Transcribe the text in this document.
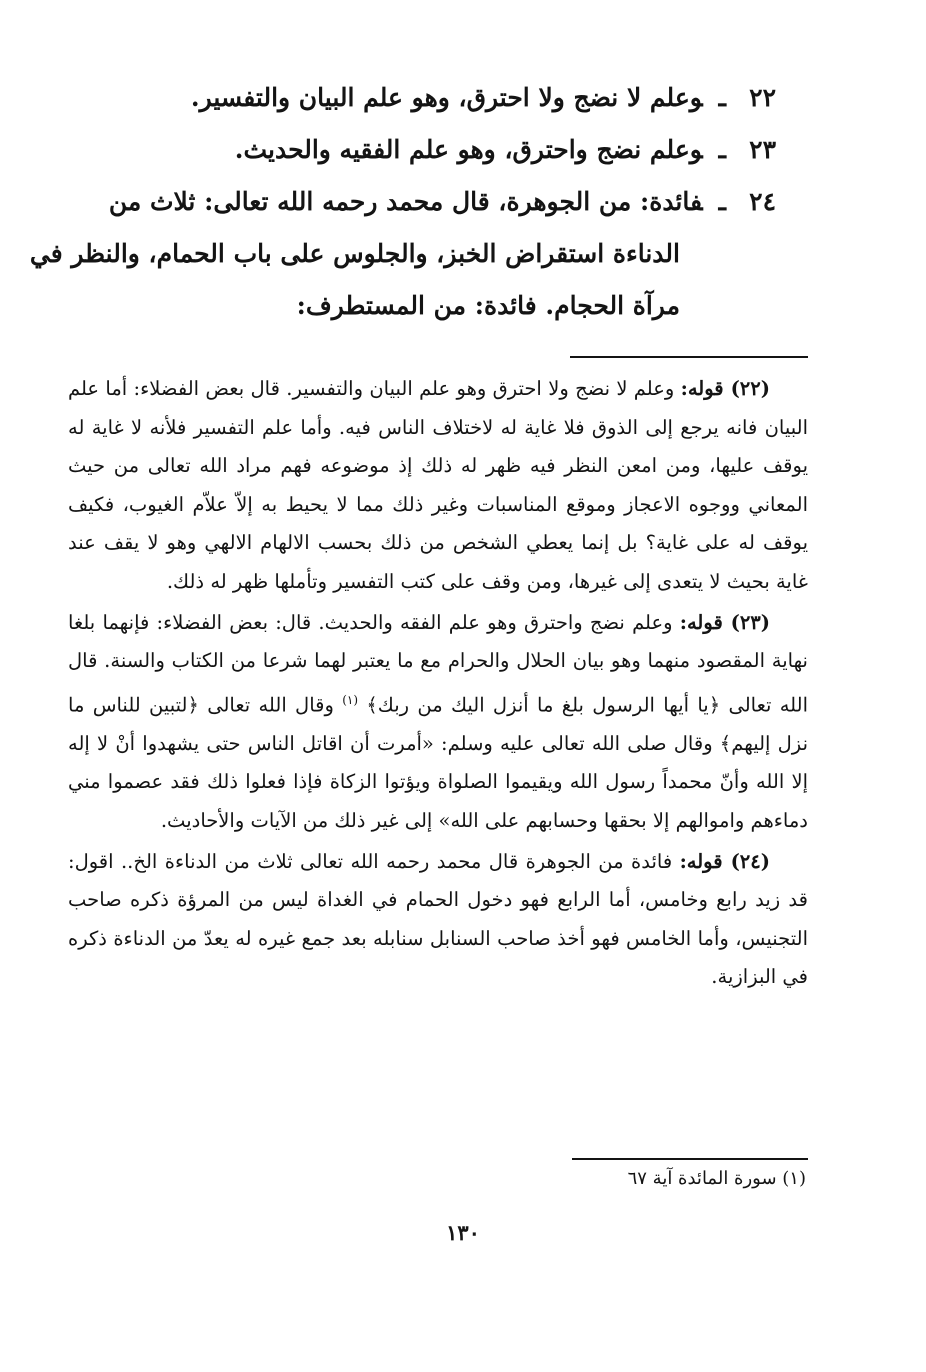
٢٢ـوعلم لا نضج ولا احترق، وهو علم البيان والتفسير.
٢٣ـوعلم نضج واحترق، وهو علم الفقيه والحديث.
٢٤ـفائدة: من الجوهرة، قال محمد رحمه الله تعالى: ثلاث من
الدناءة استقراض الخبز، والجلوس على باب الحمام، والنظر في
مرآة الحجام. فائدة: من المستطرف:

(٢٢) قوله: وعلم لا نضج ولا احترق وهو علم البيان والتفسير. قال بعض الفضلاء: أما علم البيان فانه يرجع إلى الذوق فلا غاية له لاختلاف الناس فيه. وأما علم التفسير فلأنه لا غاية له يوقف عليها، ومن امعن النظر فيه ظهر له ذلك إذ موضوعه فهم مراد الله تعالى من حيث المعاني ووجوه الاعجاز وموقع المناسبات وغير ذلك مما لا يحيط به إلاّ علاّم الغيوب، فكيف يوقف له على غاية؟ بل إنما يعطي الشخص من ذلك بحسب الالهام الالهي وهو لا يقف عند غاية بحيث لا يتعدى إلى غيرها، ومن وقف على كتب التفسير وتأملها ظهر له ذلك.

(٢٣) قوله: وعلم نضج واحترق وهو علم الفقه والحديث. قال: بعض الفضلاء: فإنهما بلغا نهاية المقصود منهما وهو بيان الحلال والحرام مع ما يعتبر لهما شرعا من الكتاب والسنة. قال الله تعالى ﴿يا أيها الرسول بلغ ما أنزل اليك من ربك﴾ $^{(١)}$ وقال الله تعالى ﴿لتبين للناس ما نزل إليهم﴾ وقال صلى الله تعالى عليه وسلم: «أمرت أن اقاتل الناس حتى يشهدوا أنْ لا إله إلا الله وأنّ محمداً رسول الله ويقيموا الصلواة ويؤتوا الزكاة فإذا فعلوا ذلك فقد عصموا مني دماءهم واموالهم إلا بحقها وحسابهم على الله» إلى غير ذلك من الآيات والأحاديث.

(٢٤) قوله: فائدة من الجوهرة قال محمد رحمه الله تعالى ثلاث من الدناءة الخ.. اقول: قد زيد رابع وخامس، أما الرابع فهو دخول الحمام في الغداة ليس من المرؤة ذكره صاحب التجنيس، وأما الخامس فهو أخذ صاحب السنابل سنابله بعد جمع غيره له يعدّ من الدناءة ذكره في البزازية.

(١) سورة المائدة آية ٦٧
١٣٠
